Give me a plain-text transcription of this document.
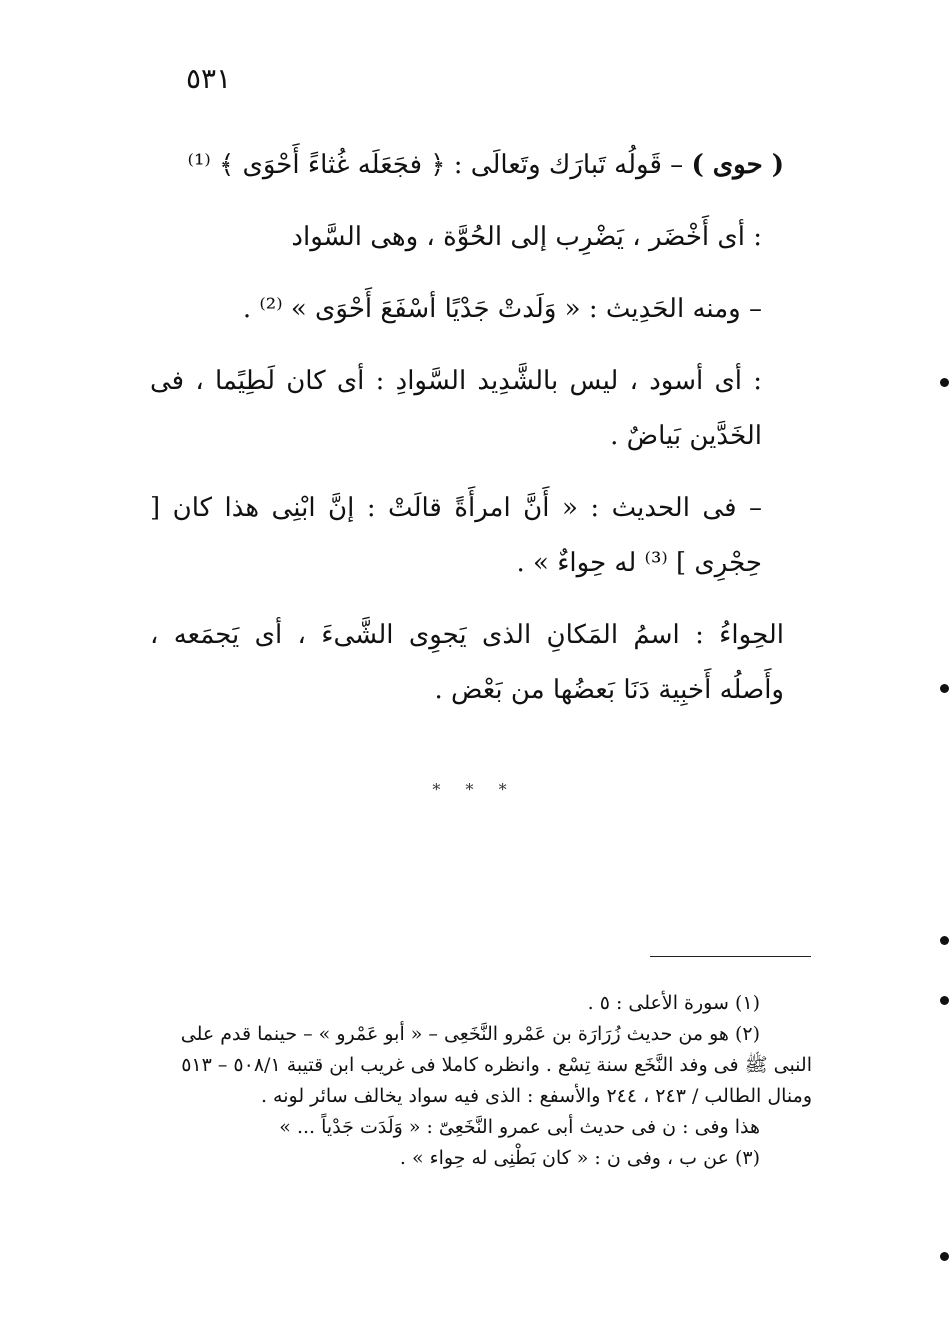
٥٣١

( حوى ) – قَولُه تَبارَك وتَعالَى : ﴿ فجَعَلَه غُثاءً أَحْوَى ﴾ ⁽¹⁾

: أى أَخْضَر ، يَضْرِب إلى الحُوَّة ، وهى السَّواد

– ومنه الحَدِيث : « وَلَدتْ جَدْيًا أسْفَعَ أَحْوَى » ⁽²⁾ .

: أى أسود ، ليس بالشَّدِيد السَّوادِ : أى كان لَطِيًما ، فى الخَدَّين بَياضٌ .

– فى الحديث : « أَنَّ امرأَةً قالَتْ : إنَّ ابْنِى هذا كان [ حِجْرِى ] ⁽³⁾ له حِواءٌ » .

الحِواءُ : اسمُ المَكانِ الذى يَجوِى الشَّىءَ ، أى يَجمَعه ، وأَصلُه أَخبِية دَنَا بَعضُها من بَعْض .

* * *

(١) سورة الأعلى : ٥ .

(٢) هو من حديث زُرَارَة بن عَمْرو النَّخَعِى – « أبو عَمْرو » – حينما قدم على

النبى ﷺ فى وفد النَّخَع سنة تِسْع . وانظره كاملا فى غريب ابن قتيبة ٥٠٨/١ – ٥١٣

ومنال الطالب / ٢٤٣ ، ٢٤٤ والأسفع : الذى فيه سواد يخالف سائر لونه .

هذا وفى : ن فى حديث أبى عمرو النَّخَعِىّ : « وَلَدَت جَدْياً ... »

(٣) عن ب ، وفى ن : « كان بَطْنِى له حِواء » .
